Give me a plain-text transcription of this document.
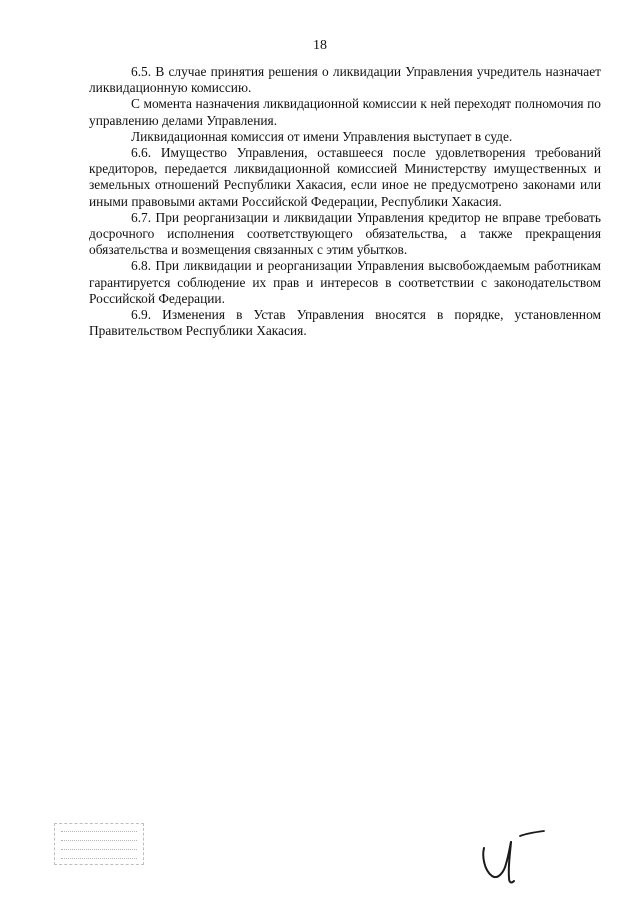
18

6.5. В случае принятия решения о ликвидации Управления учредитель назначает ликвидационную комиссию.

С момента назначения ликвидационной комиссии к ней переходят полномочия по управлению делами Управления.

Ликвидационная комиссия от имени Управления выступает в суде.

6.6. Имущество Управления, оставшееся после удовлетворения требований кредиторов, передается ликвидационной комиссией Министерству имущественных и земельных отношений Республики Хакасия, если иное не предусмотрено законами или иными правовыми актами Российской Федерации, Республики Хакасия.

6.7. При реорганизации и ликвидации Управления кредитор не вправе требовать досрочного исполнения соответствующего обязательства, а также прекращения обязательства и возмещения связанных с этим убытков.

6.8. При ликвидации и реорганизации Управления высвобождаемым работникам гарантируется соблюдение их прав и интересов в соответствии с законодательством Российской Федерации.

6.9. Изменения в Устав Управления вносятся в порядке, установленном Правительством Республики Хакасия.
